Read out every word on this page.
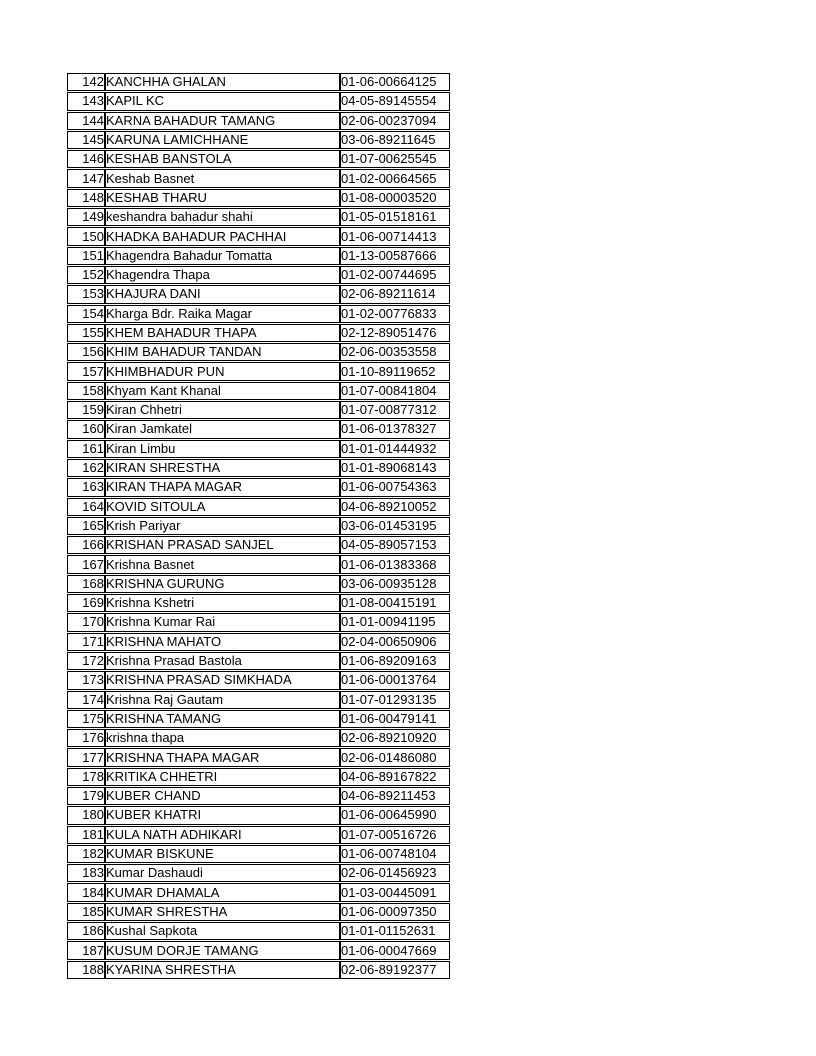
142	KANCHHA GHALAN	01-06-00664125
143	KAPIL KC	04-05-89145554
144	KARNA BAHADUR TAMANG	02-06-00237094
145	KARUNA LAMICHHANE	03-06-89211645
146	KESHAB BANSTOLA	01-07-00625545
147	Keshab Basnet	01-02-00664565
148	KESHAB THARU	01-08-00003520
149	keshandra bahadur shahi	01-05-01518161
150	KHADKA BAHADUR PACHHAI	01-06-00714413
151	Khagendra Bahadur Tomatta	01-13-00587666
152	Khagendra Thapa	01-02-00744695
153	KHAJURA DANI	02-06-89211614
154	Kharga Bdr. Raika Magar	01-02-00776833
155	KHEM BAHADUR THAPA	02-12-89051476
156	KHIM BAHADUR TANDAN	02-06-00353558
157	KHIMBHADUR PUN	01-10-89119652
158	Khyam Kant Khanal	01-07-00841804
159	Kiran Chhetri	01-07-00877312
160	Kiran Jamkatel	01-06-01378327
161	Kiran Limbu	01-01-01444932
162	KIRAN SHRESTHA	01-01-89068143
163	KIRAN THAPA MAGAR	01-06-00754363
164	KOVID SITOULA	04-06-89210052
165	Krish Pariyar	03-06-01453195
166	KRISHAN PRASAD SANJEL	04-05-89057153
167	Krishna Basnet	01-06-01383368
168	KRISHNA GURUNG	03-06-00935128
169	Krishna Kshetri	01-08-00415191
170	Krishna Kumar Rai	01-01-00941195
171	KRISHNA MAHATO	02-04-00650906
172	Krishna Prasad Bastola	01-06-89209163
173	KRISHNA PRASAD SIMKHADA	01-06-00013764
174	Krishna Raj Gautam	01-07-01293135
175	KRISHNA TAMANG	01-06-00479141
176	krishna thapa	02-06-89210920
177	KRISHNA THAPA MAGAR	02-06-01486080
178	KRITIKA CHHETRI	04-06-89167822
179	KUBER CHAND	04-06-89211453
180	KUBER KHATRI	01-06-00645990
181	KULA NATH ADHIKARI	01-07-00516726
182	KUMAR BISKUNE	01-06-00748104
183	Kumar Dashaudi	02-06-01456923
184	KUMAR DHAMALA	01-03-00445091
185	KUMAR SHRESTHA	01-06-00097350
186	Kushal Sapkota	01-01-01152631
187	KUSUM DORJE TAMANG	01-06-00047669
188	KYARINA SHRESTHA	02-06-89192377
